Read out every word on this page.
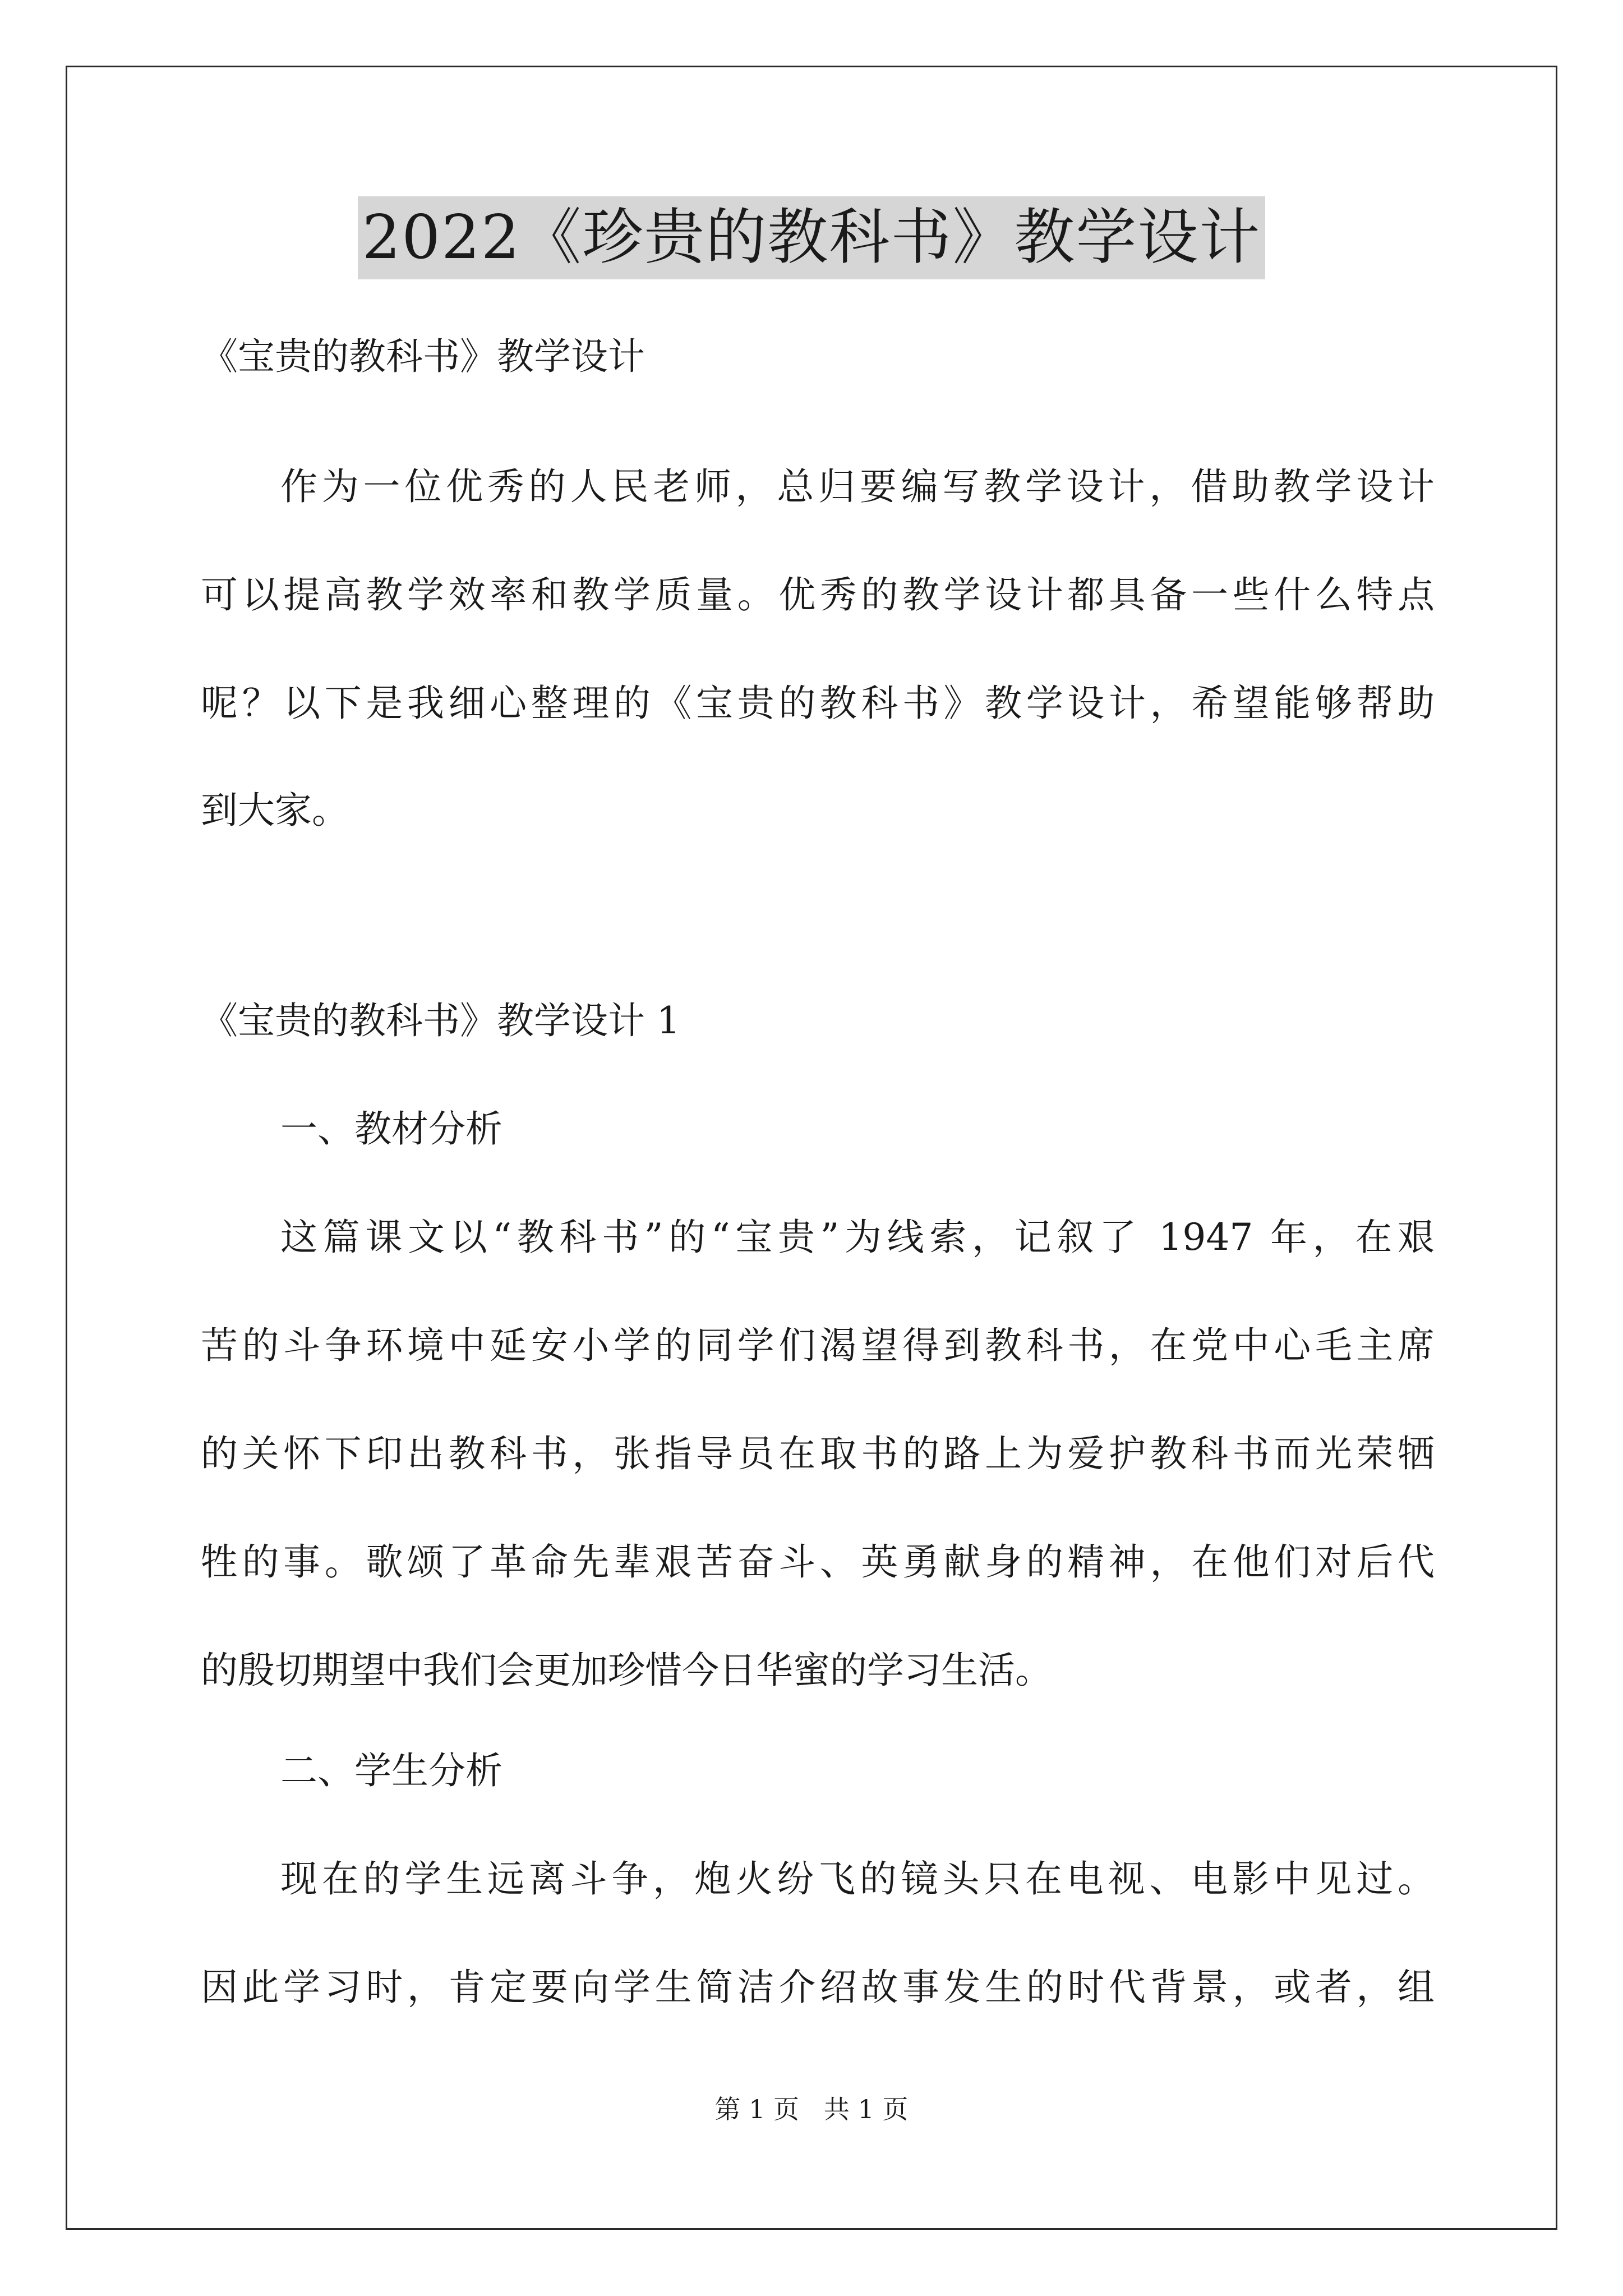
2022《珍贵的教科书》教学设计

《宝贵的教科书》教学设计

作为一位优秀的人民老师，总归要编写教学设计，借助教学设计

可以提高教学效率和教学质量。优秀的教学设计都具备一些什么特点

呢？以下是我细心整理的《宝贵的教科书》教学设计，希望能够帮助

到大家。

《宝贵的教科书》教学设计 1

一、教材分析

这篇课文以“教科书”的“宝贵”为线索，记叙了 1947 年，在艰

苦的斗争环境中延安小学的同学们渴望得到教科书，在党中心毛主席

的关怀下印出教科书，张指导员在取书的路上为爱护教科书而光荣牺

牲的事。歌颂了革命先辈艰苦奋斗、英勇献身的精神，在他们对后代

的殷切期望中我们会更加珍惜今日华蜜的学习生活。

二、学生分析

现在的学生远离斗争，炮火纷飞的镜头只在电视、电影中见过。

因此学习时，肯定要向学生简洁介绍故事发生的时代背景，或者，组

第 1 页   共 1 页
